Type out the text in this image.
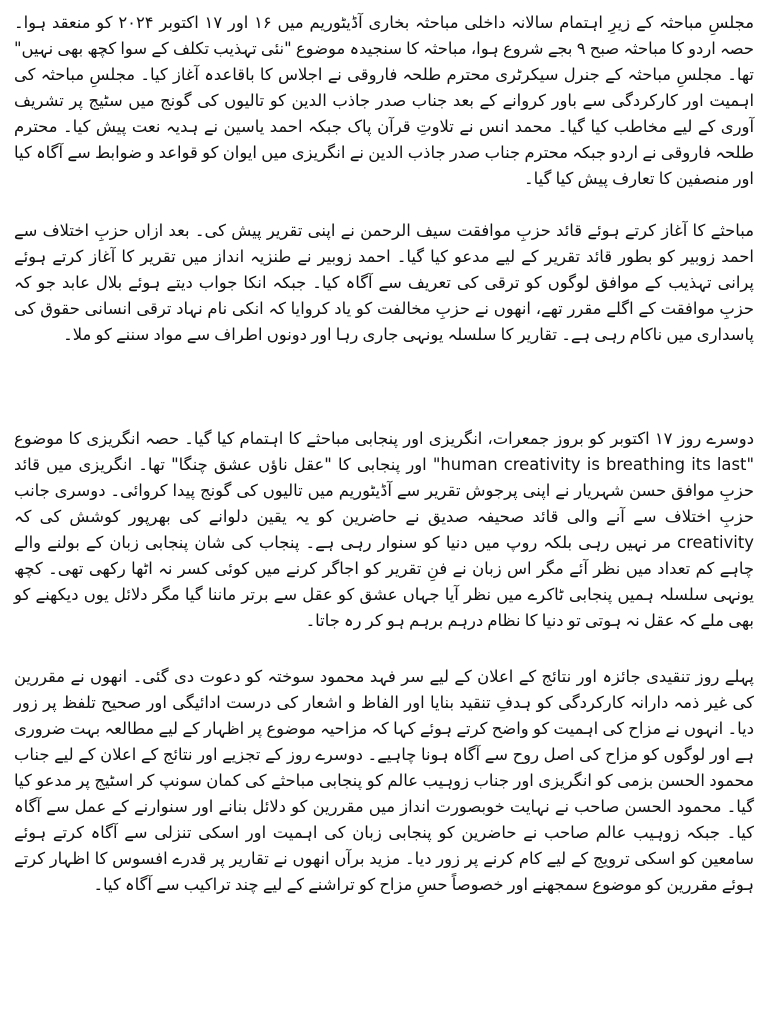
مجلسِ مباحثہ کے زیرِ اہتمام سالانہ داخلی مباحثہ بخاری آڈیٹوریم میں ۱۶ اور ۱۷ اکتوبر ۲۰۲۴ کو منعقد ہوا۔ حصہ اردو کا مباحثہ صبح ۹ بجے شروع ہوا، مباحثہ کا سنجیدہ موضوع "نئی تہذیب تکلف کے سوا کچھ بھی نہیں" تھا۔ مجلسِ مباحثہ کے جنرل سیکرٹری محترم طلحہ فاروقی نے اجلاس کا باقاعدہ آغاز کیا۔ مجلسِ مباحثہ کی اہمیت اور کارکردگی سے باور کروانے کے بعد جناب صدر جاذب الدین کو تالیوں کی گونج میں سٹیج پر تشریف آوری کے لیے مخاطب کیا گیا۔ محمد انس نے تلاوتِ قرآن پاک جبکہ احمد یاسین نے ہدیہ نعت پیش کیا۔ محترم طلحہ فاروقی نے اردو جبکہ محترم جناب صدر جاذب الدین نے انگریزی میں ایوان کو قواعد و ضوابط سے آگاہ کیا اور منصفین کا تعارف پیش کیا گیا۔

مباحثے کا آغاز کرتے ہوئے قائد حزبِ موافقت سیف الرحمن نے اپنی تقریر پیش کی۔ بعد ازاں حزبِ اختلاف سے احمد زوبیر کو بطور قائد تقریر کے لیے مدعو کیا گیا۔ احمد زوبیر نے طنزیہ انداز میں تقریر کا آغاز کرتے ہوئے پرانی تہذیب کے موافق لوگوں کو ترقی کی تعریف سے آگاہ کیا۔ جبکہ انکا جواب دیتے ہوئے بلال عابد جو کہ حزبِ موافقت کے اگلے مقرر تھے، انھوں نے حزبِ مخالفت کو یاد کروایا کہ انکی نام نہاد ترقی انسانی حقوق کی پاسداری میں ناکام رہی ہے۔ تقاریر کا سلسلہ یونہی جاری رہا اور دونوں اطراف سے مواد سننے کو ملا۔

دوسرے روز ۱۷ اکتوبر کو بروز جمعرات، انگریزی اور پنجابی مباحثے کا اہتمام کیا گیا۔ حصہ انگریزی کا موضوع "human creativity is breathing its last" اور پنجابی کا "عقل ناؤں عشق چنگا" تھا۔ انگریزی میں قائد حزبِ موافق حسن شہریار نے اپنی پرجوش تقریر سے آڈیٹوریم میں تالیوں کی گونج پیدا کروائی۔ دوسری جانب حزبِ اختلاف سے آنے والی قائد صحیفہ صدیق نے حاضرین کو یہ یقین دلوانے کی بھرپور کوشش کی کہ creativity مر نہیں رہی بلکہ روپ میں دنیا کو سنوار رہی ہے۔ پنجاب کی شان پنجابی زبان کے بولنے والے چاہے کم تعداد میں نظر آئے مگر اس زبان نے فنِ تقریر کو اجاگر کرنے میں کوئی کسر نہ اٹھا رکھی تھی۔ کچھ یونہی سلسلہ ہمیں پنجابی ٹاکرے میں نظر آیا جہاں عشق کو عقل سے برتر ماننا گیا مگر دلائل یوں دیکھنے کو بھی ملے کہ عقل نہ ہوتی تو دنیا کا نظام درہم برہم ہو کر رہ جاتا۔

پہلے روز تنقیدی جائزہ اور نتائج کے اعلان کے لیے سر فہد محمود سوختہ کو دعوت دی گئی۔ انھوں نے مقررین کی غیر ذمہ دارانہ کارکردگی کو ہدفِ تنقید بنایا اور الفاظ و اشعار کی درست ادائیگی اور صحیح تلفظ پر زور دیا۔ انہوں نے مزاح کی اہمیت کو واضح کرتے ہوئے کہا کہ مزاحیہ موضوع پر اظہار کے لیے مطالعہ بہت ضروری ہے اور لوگوں کو مزاح کی اصل روح سے آگاہ ہونا چاہیے۔ دوسرے روز کے تجزیے اور نتائج کے اعلان کے لیے جناب محمود الحسن بزمی کو انگریزی اور جناب زوہیب عالم کو پنجابی مباحثے کی کمان سونپ کر اسٹیج پر مدعو کیا گیا۔ محمود الحسن صاحب نے نہایت خوبصورت انداز میں مقررین کو دلائل بنانے اور سنوارنے کے عمل سے آگاہ کیا۔ جبکہ زوہیب عالم صاحب نے حاضرین کو پنجابی زبان کی اہمیت اور اسکی تنزلی سے آگاہ کرتے ہوئے سامعین کو اسکی ترویج کے لیے کام کرنے پر زور دیا۔ مزید برآں انھوں نے تقاریر پر قدرے افسوس کا اظہار کرتے ہوئے مقررین کو موضوع سمجھنے اور خصوصاً حسِ مزاح کو تراشنے کے لیے چند تراکیب سے آگاہ کیا۔
